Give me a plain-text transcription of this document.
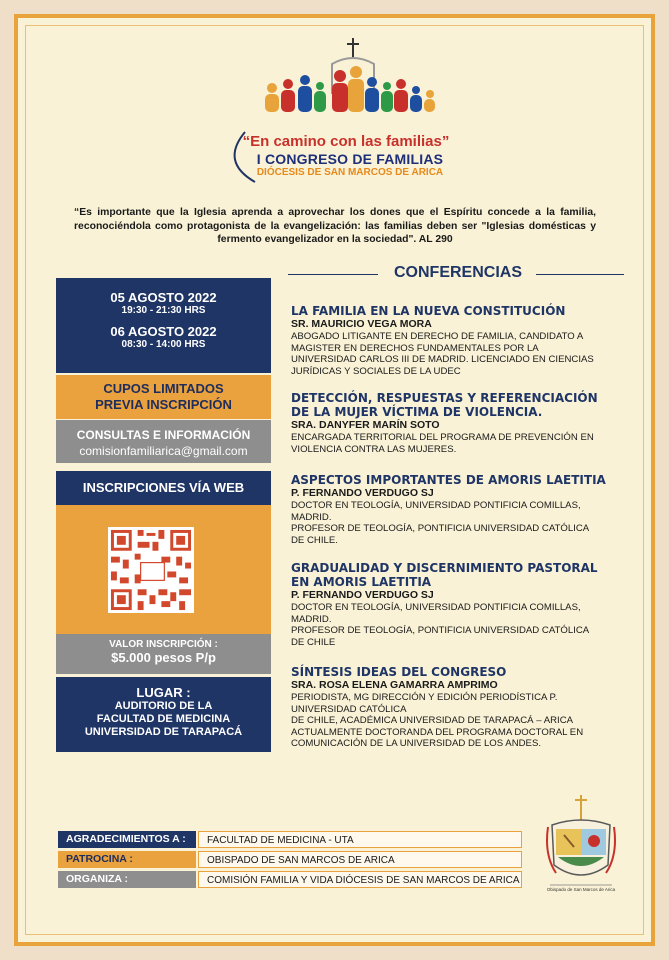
“En camino con las familias”
I CONGRESO DE FAMILIAS
DIÓCESIS DE SAN MARCOS DE ARICA
“Es importante que la Iglesia aprenda a aprovechar los dones que el Espíritu concede a la familia, reconociéndola como protagonista de la evangelización: las familias deben ser "Iglesias domésticas y fermento evangelizador en la sociedad". AL 290
05 AGOSTO 2022
19:30 - 21:30 HRS
06 AGOSTO 2022
08:30 - 14:00 HRS
CUPOS LIMITADOS
PREVIA INSCRIPCIÓN
CONSULTAS E INFORMACIÓN
comisionfamiliarica@gmail.com
INSCRIPCIONES VÍA WEB
VALOR INSCRIPCIÓN :
$5.000 pesos P/p
LUGAR :
AUDITORIO DE LA
FACULTAD DE MEDICINA
UNIVERSIDAD DE TARAPACÁ
CONFERENCIAS
LA FAMILIA EN LA NUEVA CONSTITUCIÓN
SR. MAURICIO VEGA MORA
ABOGADO LITIGANTE EN DERECHO DE FAMILIA, CANDIDATO A
MAGISTER EN DERECHOS FUNDAMENTALES POR LA
UNIVERSIDAD CARLOS III DE MADRID. LICENCIADO EN CIENCIAS
JURÍDICAS Y SOCIALES DE LA UDEC
DETECCIÓN, RESPUESTAS Y REFERENCIACIÓN
DE LA MUJER VÍCTIMA DE VIOLENCIA.
SRA. DANYFER MARÍN SOTO
ENCARGADA TERRITORIAL DEL PROGRAMA DE PREVENCIÓN EN
VIOLENCIA CONTRA LAS MUJERES.
ASPECTOS IMPORTANTES DE AMORIS LAETITIA
P. FERNANDO VERDUGO SJ
DOCTOR EN TEOLOGÍA, UNIVERSIDAD PONTIFICIA COMILLAS,
MADRID.
PROFESOR DE TEOLOGÍA, PONTIFICIA UNIVERSIDAD CATÓLICA
DE CHILE.
GRADUALIDAD Y DISCERNIMIENTO PASTORAL
EN AMORIS LAETITIA
P. FERNANDO VERDUGO SJ
DOCTOR EN TEOLOGÍA, UNIVERSIDAD PONTIFICIA COMILLAS,
MADRID.
PROFESOR DE TEOLOGÍA, PONTIFICIA UNIVERSIDAD CATÓLICA
DE CHILE
SÍNTESIS IDEAS DEL CONGRESO
SRA. ROSA ELENA GAMARRA AMPRIMO
PERIODISTA, MG DIRECCIÓN Y EDICIÓN PERIODÍSTICA P.
UNIVERSIDAD CATÓLICA
DE CHILE, ACADÉMICA UNIVERSIDAD DE TARAPACÁ – ARICA
ACTUALMENTE DOCTORANDA DEL PROGRAMA DOCTORAL EN
COMUNICACIÓN DE LA UNIVERSIDAD DE LOS ANDES.
AGRADECIMIENTOS A :	FACULTAD DE MEDICINA - UTA
PATROCINA :	OBISPADO DE SAN MARCOS DE ARICA
ORGANIZA :	COMISIÓN FAMILIA Y VIDA DIÓCESIS DE SAN MARCOS DE ARICA
Obispado de San Marcos de Arica
